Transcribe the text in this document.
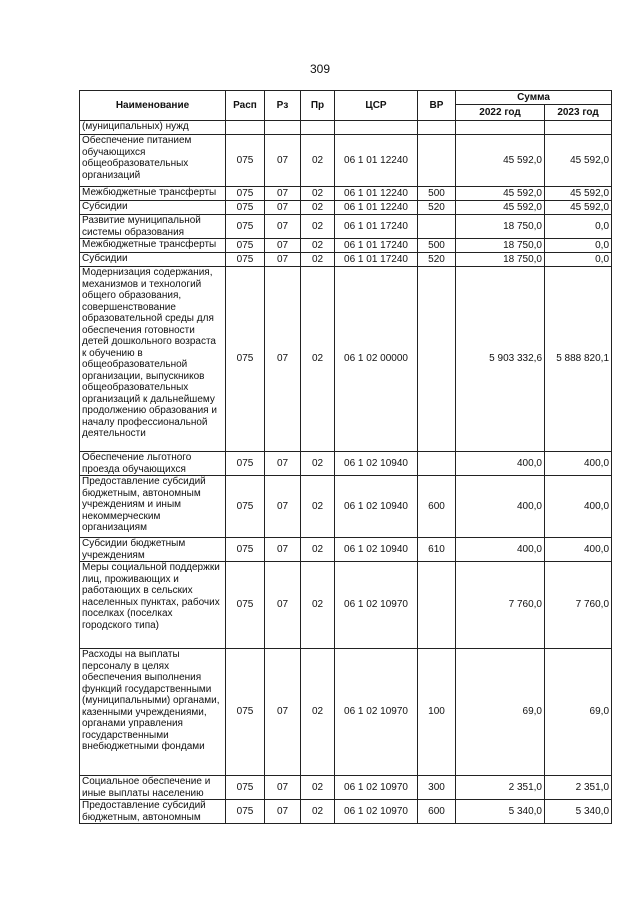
309
Наименование	Расп	Рз	Пр	ЦСР	ВР	Сумма	
						2022 год	2023 год
(муниципальных) нужд							
Обеспечение питанием обучающихся общеобразовательных организаций	075	07	02	06 1 01 12240		45 592,0	45 592,0
Межбюджетные трансферты	075	07	02	06 1 01 12240	500	45 592,0	45 592,0
Субсидии	075	07	02	06 1 01 12240	520	45 592,0	45 592,0
Развитие муниципальной системы образования	075	07	02	06 1 01 17240		18 750,0	0,0
Межбюджетные трансферты	075	07	02	06 1 01 17240	500	18 750,0	0,0
Субсидии	075	07	02	06 1 01 17240	520	18 750,0	0,0
Модернизация содержания, механизмов и технологий общего образования, совершенствование образовательной среды для обеспечения готовности детей дошкольного возраста к обучению в общеобразовательной организации, выпускников общеобразовательных организаций к дальнейшему продолжению образования и началу профессиональной деятельности	075	07	02	06 1 02 00000		5 903 332,6	5 888 820,1
Обеспечение льготного проезда обучающихся	075	07	02	06 1 02 10940		400,0	400,0
Предоставление субсидий бюджетным, автономным учреждениям и иным некоммерческим организациям	075	07	02	06 1 02 10940	600	400,0	400,0
Субсидии бюджетным учреждениям	075	07	02	06 1 02 10940	610	400,0	400,0
Меры социальной поддержки лиц, проживающих и работающих в сельских населенных пунктах, рабочих поселках (поселках городского типа)	075	07	02	06 1 02 10970		7 760,0	7 760,0
Расходы на выплаты персоналу в целях обеспечения выполнения функций государственными (муниципальными) органами, казенными учреждениями, органами управления государственными внебюджетными фондами	075	07	02	06 1 02 10970	100	69,0	69,0
Социальное обеспечение и иные выплаты населению	075	07	02	06 1 02 10970	300	2 351,0	2 351,0
Предоставление субсидий бюджетным, автономным	075	07	02	06 1 02 10970	600	5 340,0	5 340,0
